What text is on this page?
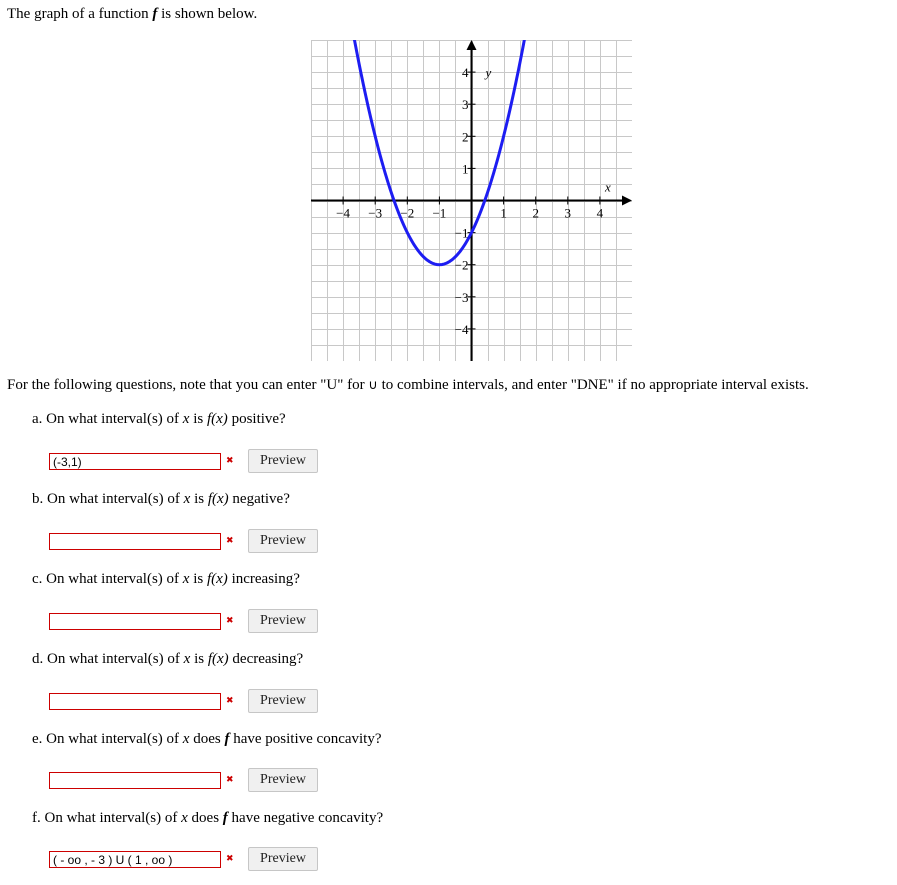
The graph of a function f is shown below.
−4 −3 −2 −1	1 2 3 4
4
3
2
1
−1
−2
−3
−4
x
y
For the following questions, note that you can enter "U" for ∪ to combine intervals, and enter "DNE" if no appropriate interval exists.
a. On what interval(s) of x is f(x) positive?
(-3,1)
✖	Preview
b. On what interval(s) of x is f(x) negative?
✖	Preview
c. On what interval(s) of x is f(x) increasing?
✖	Preview
d. On what interval(s) of x is f(x) decreasing?
✖	Preview
e. On what interval(s) of x does f have positive concavity?
✖	Preview
f. On what interval(s) of x does f have negative concavity?
( - oo , - 3 ) U ( 1 , oo )
✖	Preview
